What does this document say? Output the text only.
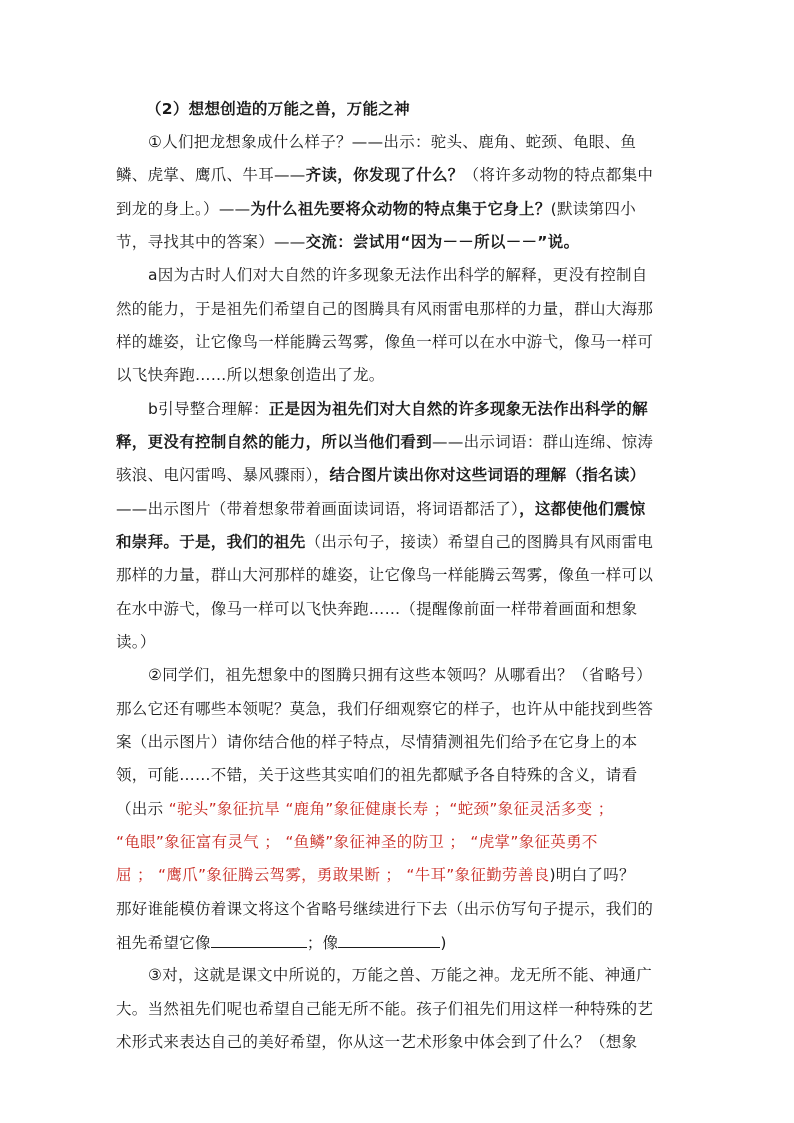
（2）想想创造的万能之兽，万能之神
①人们把龙想象成什么样子？——出示：驼头、鹿角、蛇颈、龟眼、鱼
鳞、虎掌、鹰爪、牛耳——齐读，你发现了什么？（将许多动物的特点都集中
到龙的身上。）——为什么祖先要将众动物的特点集于它身上？(默读第四小
节，寻找其中的答案）——交流：尝试用“因为－－所以－－”说。
a因为古时人们对大自然的许多现象无法作出科学的解释，更没有控制自
然的能力，于是祖先们希望自己的图腾具有风雨雷电那样的力量，群山大海那
样的雄姿，让它像鸟一样能腾云驾雾，像鱼一样可以在水中游弋，像马一样可
以飞快奔跑……所以想象创造出了龙。
b引导整合理解：正是因为祖先们对大自然的许多现象无法作出科学的解
释，更没有控制自然的能力，所以当他们看到——出示词语：群山连绵、惊涛
骇浪、电闪雷鸣、暴风骤雨），结合图片读出你对这些词语的理解（指名读）
——出示图片（带着想象带着画面读词语，将词语都活了），这都使他们震惊
和崇拜。于是，我们的祖先（出示句子，接读）希望自己的图腾具有风雨雷电
那样的力量，群山大河那样的雄姿，让它像鸟一样能腾云驾雾，像鱼一样可以
在水中游弋，像马一样可以飞快奔跑……（提醒像前面一样带着画面和想象
读。）
②同学们，祖先想象中的图腾只拥有这些本领吗？从哪看出？（省略号）
那么它还有哪些本领呢？莫急，我们仔细观察它的样子，也许从中能找到些答
案（出示图片）请你结合他的样子特点，尽情猜测祖先们给予在它身上的本
领，可能……不错，关于这些其实咱们的祖先都赋予各自特殊的含义，请看
（出示 “驼头”象征抗旱 “鹿角”象征健康长寿 ；“蛇颈”象征灵活多变 ；
“龟眼”象征富有灵气 ； “鱼鳞”象征神圣的防卫 ； “虎掌”象征英勇不
屈 ； “鹰爪”象征腾云驾雾，勇敢果断 ； “牛耳”象征勤劳善良)明白了吗？
那好谁能模仿着课文将这个省略号继续进行下去（出示仿写句子提示，我们的
祖先希望它像	；像	)
③对，这就是课文中所说的，万能之兽、万能之神。龙无所不能、神通广
大。当然祖先们呢也希望自己能无所不能。孩子们祖先们用这样一种特殊的艺
术形式来表达自己的美好希望，你从这一艺术形象中体会到了什么？（想象
